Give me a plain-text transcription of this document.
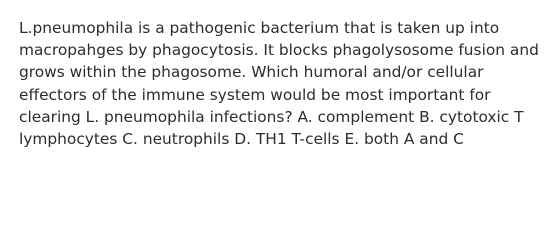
L.pneumophila is a pathogenic bacterium that is taken up into macropahges by phagocytosis. It blocks phagolysosome fusion and grows within the phagosome. Which humoral and/or cellular effectors of the immune system would be most important for clearing L. pneumophila infections? A. complement B. cytotoxic T lymphocytes C. neutrophils D. TH1 T-cells E. both A and C
